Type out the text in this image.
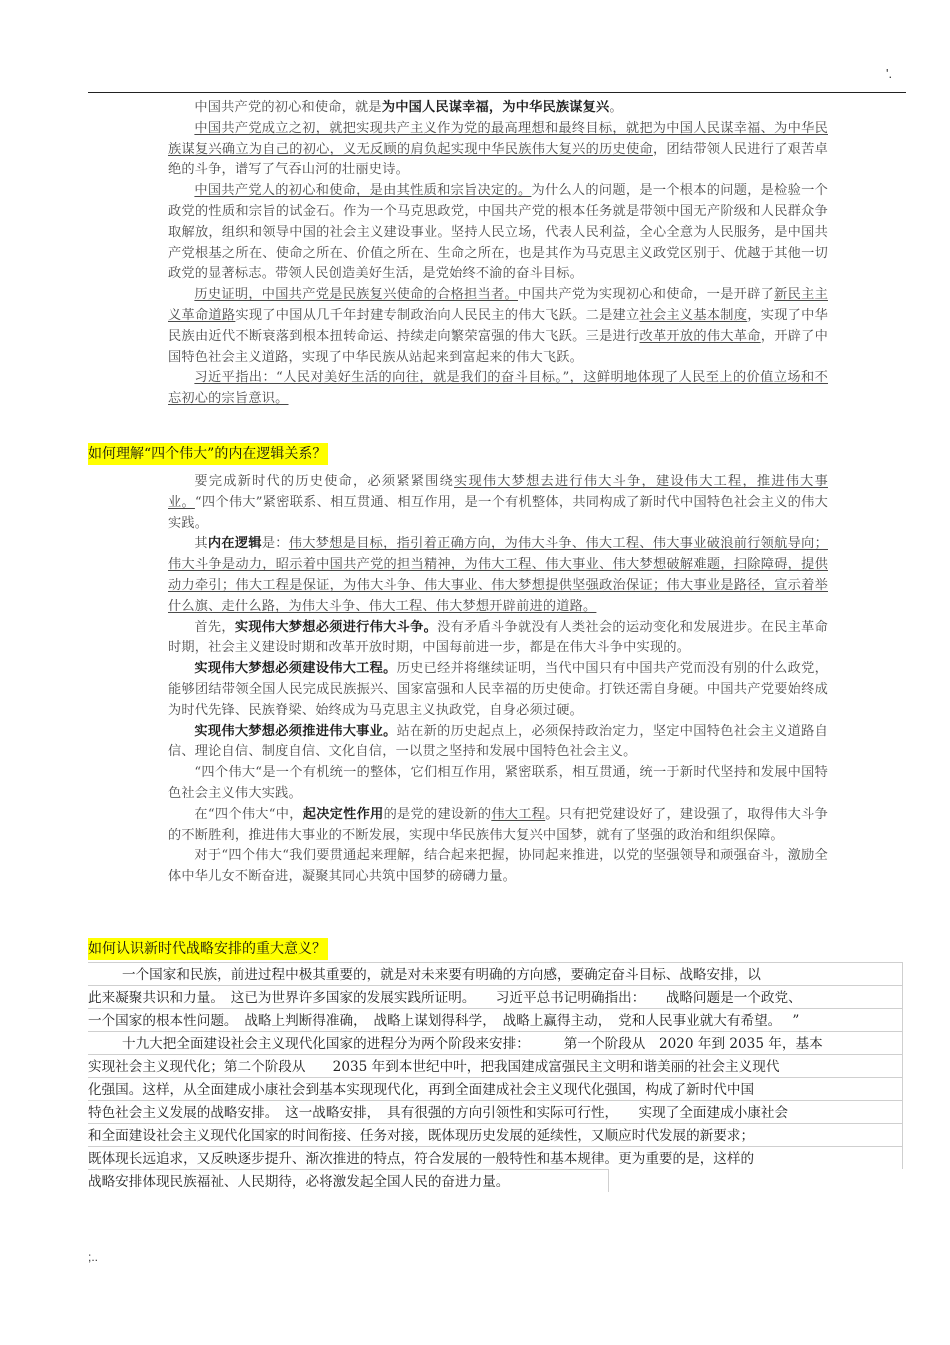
'.

中国共产党的初心和使命，就是为中国人民谋幸福，为中华民族谋复兴。

中国共产党成立之初，就把实现共产主义作为党的最高理想和最终目标，就把为中国人民谋幸福、为中华民族谋复兴确立为自己的初心，义无反顾的肩负起实现中华民族伟大复兴的历史使命，团结带领人民进行了艰苦卓绝的斗争，谱写了气吞山河的壮丽史诗。

中国共产党人的初心和使命，是由其性质和宗旨决定的。为什么人的问题，是一个根本的问题，是检验一个政党的性质和宗旨的试金石。作为一个马克思政党，中国共产党的根本任务就是带领中国无产阶级和人民群众争取解放，组织和领导中国的社会主义建设事业。坚持人民立场，代表人民利益，全心全意为人民服务，是中国共产党根基之所在、使命之所在、价值之所在、生命之所在，也是其作为马克思主义政党区别于、优越于其他一切政党的显著标志。带领人民创造美好生活，是党始终不渝的奋斗目标。

历史证明，中国共产党是民族复兴使命的合格担当者。中国共产党为实现初心和使命，一是开辟了新民主主义革命道路实现了中国从几千年封建专制政治向人民民主的伟大飞跃。二是建立社会主义基本制度，实现了中华民族由近代不断衰落到根本扭转命运、持续走向繁荣富强的伟大飞跃。三是进行改革开放的伟大革命，开辟了中国特色社会主义道路，实现了中华民族从站起来到富起来的伟大飞跃。

习近平指出：“人民对美好生活的向往，就是我们的奋斗目标。”，这鲜明地体现了人民至上的价值立场和不忘初心的宗旨意识。

如何理解“四个伟大”的内在逻辑关系？

要完成新时代的历史使命，必须紧紧围绕实现伟大梦想去进行伟大斗争，建设伟大工程，推进伟大事业。“四个伟大”紧密联系、相互贯通、相互作用，是一个有机整体，共同构成了新时代中国特色社会主义的伟大实践。

其内在逻辑是：伟大梦想是目标，指引着正确方向，为伟大斗争、伟大工程、伟大事业破浪前行领航导向；伟大斗争是动力，昭示着中国共产党的担当精神，为伟大工程、伟大事业、伟大梦想破解难题，扫除障碍，提供动力牵引；伟大工程是保证，为伟大斗争、伟大事业、伟大梦想提供坚强政治保证；伟大事业是路径，宣示着举什么旗、走什么路，为伟大斗争、伟大工程、伟大梦想开辟前进的道路。

首先，实现伟大梦想必须进行伟大斗争。没有矛盾斗争就没有人类社会的运动变化和发展进步。在民主革命时期，社会主义建设时期和改革开放时期，中国每前进一步，都是在伟大斗争中实现的。

实现伟大梦想必须建设伟大工程。历史已经并将继续证明，当代中国只有中国共产党而没有别的什么政党，能够团结带领全国人民完成民族振兴、国家富强和人民幸福的历史使命。打铁还需自身硬。中国共产党要始终成为时代先锋、民族脊梁、始终成为马克思主义执政党，自身必须过硬。

实现伟大梦想必须推进伟大事业。站在新的历史起点上，必须保持政治定力，坚定中国特色社会主义道路自信、理论自信、制度自信、文化自信，一以贯之坚持和发展中国特色社会主义。

“四个伟大“是一个有机统一的整体，它们相互作用，紧密联系，相互贯通，统一于新时代坚持和发展中国特色社会主义伟大实践。

在“四个伟大“中，起决定性作用的是党的建设新的伟大工程。只有把党建设好了，建设强了，取得伟大斗争的不断胜利，推进伟大事业的不断发展，实现中华民族伟大复兴中国梦，就有了坚强的政治和组织保障。

对于“四个伟大“我们要贯通起来理解，结合起来把握，协同起来推进，以党的坚强领导和顽强奋斗，激励全体中华儿女不断奋进，凝聚其同心共筑中国梦的磅礴力量。

如何认识新时代战略安排的重大意义？
一个国家和民族，前进过程中极其重要的，就是对未来要有明确的方向感，要确定奋斗目标、战略安排，以
此来凝聚共识和力量。　这已为世界许多国家的发展实践所证明。　　习近平总书记明确指出：　　战略问题是一个政党、
一个国家的根本性问题。　战略上判断得准确，　战略上谋划得科学，　战略上赢得主动，　党和人民事业就大有希望。　 ”
十九大把全面建设社会主义现代化国家的进程分为两个阶段来安排：　　　第一个阶段从　2020 年到 2035 年，基本
实现社会主义现代化；第二个阶段从　　2035 年到本世纪中叶，把我国建成富强民主文明和谐美丽的社会主义现代
化强国。这样，从全面建成小康社会到基本实现现代化，再到全面建成社会主义现代化强国，构成了新时代中国
特色社会主义发展的战略安排。　这一战略安排，　具有很强的方向引领性和实际可行性，　　实现了全面建成小康社会
和全面建设社会主义现代化国家的时间衔接、任务对接，既体现历史发展的延续性，又顺应时代发展的新要求；
既体现长远追求，又反映逐步提升、渐次推进的特点，符合发展的一般特性和基本规律。更为重要的是，这样的
战略安排体现民族福祉、人民期待，必将激发起全国人民的奋进力量。
;..
